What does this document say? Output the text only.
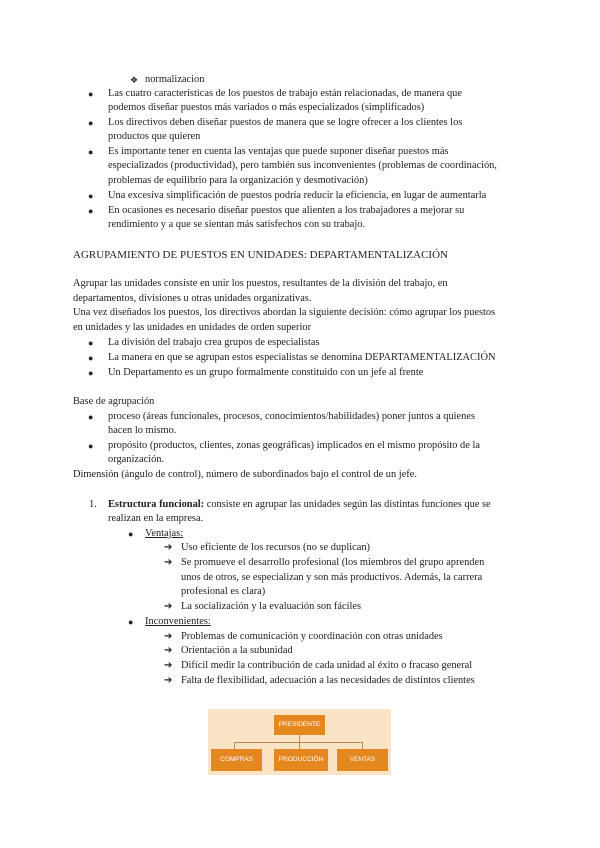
❖ normalizacion
● Las cuatro características de los puestos de trabajo están relacionadas, de manera que
podemos diseñar puestos más variados o más especializados (simplificados)
● Los directivos deben diseñar puestos de manera que se logre ofrecer a los clientes los
productos que quieren
● Es importante tener en cuenta las ventajas que puede suponer diseñar puestos más
especializados (productividad), pero también sus inconvenientes (problemas de coordinación,
problemas de equilibrio para la organización y desmotivación)
● Una excesiva simplificación de puestos podría reducir la eficiencia, en lugar de aumentarla
● En ocasiones es necesario diseñar puestos que alienten a los trabajadores a mejorar su
rendimiento y a que se sientan más satisfechos con su trabajo.
AGRUPAMIENTO DE PUESTOS EN UNIDADES: DEPARTAMENTALIZACIÓN
Agrupar las unidades consiste en unir los puestos, resultantes de la división del trabajo, en
departamentos, divisiones u otras unidades organizativas.
Una vez diseñados los puestos, los directivos abordan la siguiente decisión: cómo agrupar los puestos
en unidades y las unidades en unidades de orden superior
● La división del trabajo crea grupos de especialistas
● La manera en que se agrupan estos especialistas se denomina DEPARTAMENTALIZACIÓN
● Un Departamento es un grupo formalmente constituido con un jefe al frente
Base de agrupación
● proceso (áreas funcionales, procesos, conocimientos/habilidades) poner juntos a quienes
hacen lo mismo.
● propósito (productos, clientes, zonas geográficas) implicados en el mismo propósito de la
organización.
Dimensión (ángulo de control), número de subordinados bajo el control de un jefe.
1. Estructura funcional: consiste en agrupar las unidades según las distintas funciones que se
realizan en la empresa.
● Ventajas:
➔ Uso eficiente de los recursos (no se duplican)
➔ Se promueve el desarrollo profesional (los miembros del grupo aprenden
unos de otros, se especializan y son más productivos. Además, la carrera
profesional es clara)
➔ La socialización y la evaluación son fáciles
● Inconvenientes:
➔ Problemas de comunicación y coordinación con otras unidades
➔ Orientación a la subunidad
➔ Difícil medir la contribución de cada unidad al éxito o fracaso general
➔ Falta de flexibilidad, adecuación a las necesidades de distintos clientes
PRESIDENTE
COMPRAS	PRODUCCIÓN	VENTAS
